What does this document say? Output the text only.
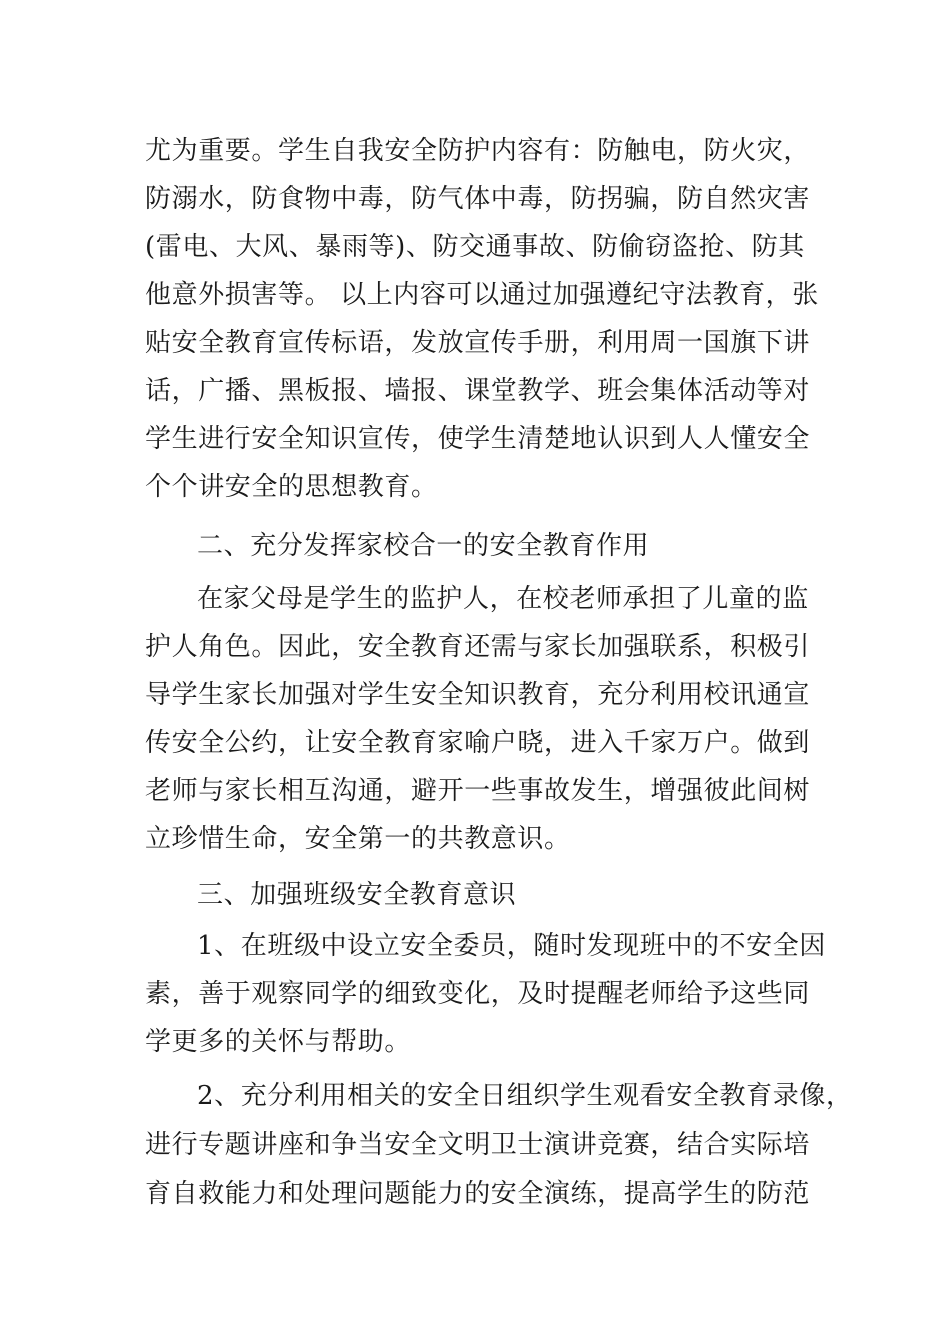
尤为重要。学生自我安全防护内容有：防触电，防火灾，
防溺水，防食物中毒，防气体中毒，防拐骗，防自然灾害
(雷电、大风、暴雨等)、防交通事故、防偷窃盗抢、防其
他意外损害等。 以上内容可以通过加强遵纪守法教育，张
贴安全教育宣传标语，发放宣传手册，利用周一国旗下讲
话，广播、黑板报、墙报、课堂教学、班会集体活动等对
学生进行安全知识宣传，使学生清楚地认识到人人懂安全
个个讲安全的思想教育。
二、充分发挥家校合一的安全教育作用
在家父母是学生的监护人，在校老师承担了儿童的监
护人角色。因此，安全教育还需与家长加强联系，积极引
导学生家长加强对学生安全知识教育，充分利用校讯通宣
传安全公约，让安全教育家喻户晓，进入千家万户。做到
老师与家长相互沟通，避开一些事故发生，增强彼此间树
立珍惜生命，安全第一的共教意识。
三、加强班级安全教育意识
1、在班级中设立安全委员，随时发现班中的不安全因
素，善于观察同学的细致变化，及时提醒老师给予这些同
学更多的关怀与帮助。
2、充分利用相关的安全日组织学生观看安全教育录像，
进行专题讲座和争当安全文明卫士演讲竞赛，结合实际培
育自救能力和处理问题能力的安全演练，提高学生的防范
